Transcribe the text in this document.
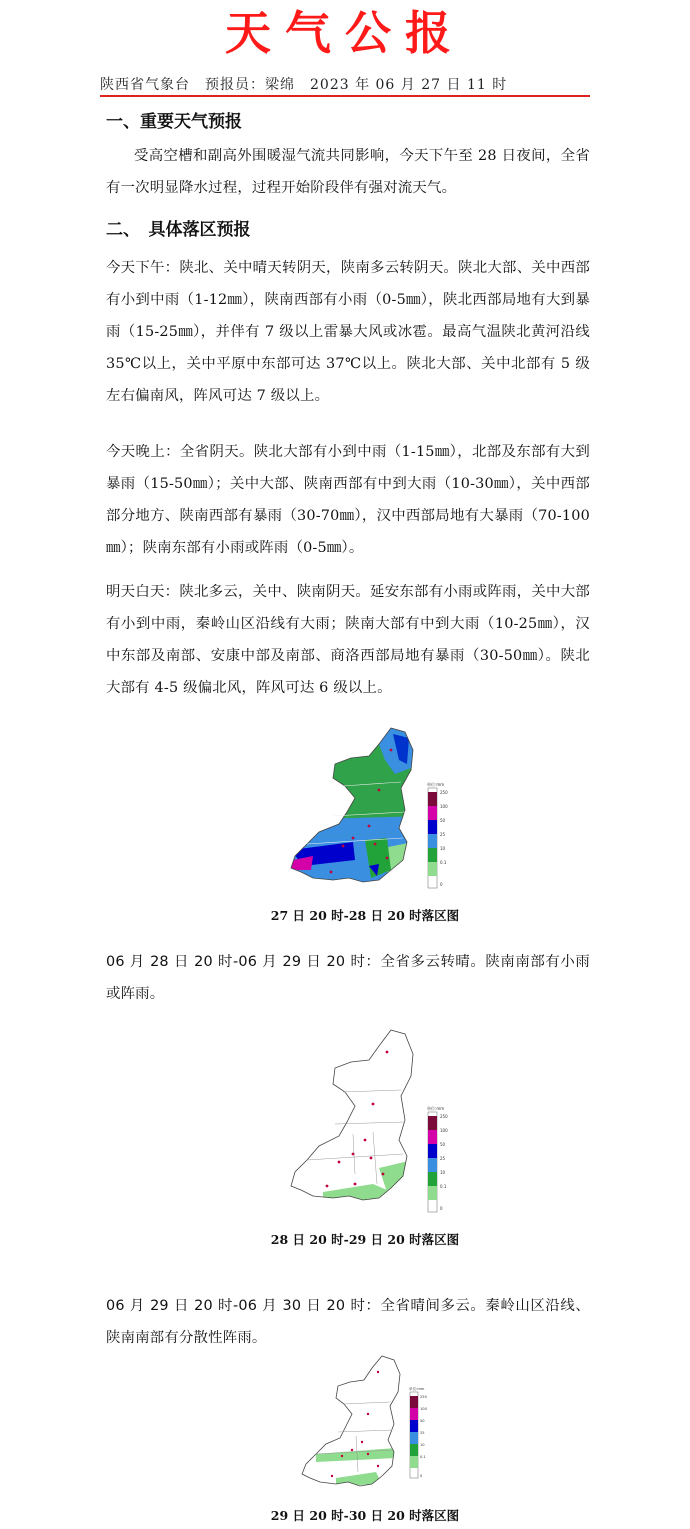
天气公报
陕西省气象台　预报员：梁绵　2023 年 06 月 27 日 11 时
一、重要天气预报
受高空槽和副高外围暖湿气流共同影响，今天下午至 28 日夜间，全省有一次明显降水过程，过程开始阶段伴有强对流天气。
二、　具体落区预报
今天下午：陕北、关中晴天转阴天，陕南多云转阴天。陕北大部、关中西部有小到中雨（1-12㎜），陕南西部有小雨（0-5㎜），陕北西部局地有大到暴雨（15-25㎜），并伴有 7 级以上雷暴大风或冰雹。最高气温陕北黄河沿线 35℃以上，关中平原中东部可达 37℃以上。陕北大部、关中北部有 5 级左右偏南风，阵风可达 7 级以上。
今天晚上：全省阴天。陕北大部有小到中雨（1-15㎜），北部及东部有大到暴雨（15-50㎜）；关中大部、陕南西部有中到大雨（10-30㎜），关中西部部分地方、陕南西部有暴雨（30-70㎜），汉中西部局地有大暴雨（70-100㎜）；陕南东部有小雨或阵雨（0-5㎜）。
明天白天：陕北多云，关中、陕南阴天。延安东部有小雨或阵雨，关中大部有小到中雨，秦岭山区沿线有大雨；陕南大部有中到大雨（10-25㎜），汉中东部及南部、安康中部及南部、商洛西部局地有暴雨（30-50㎜）。陕北大部有 4-5 级偏北风，阵风可达 6 级以上。
单位:mm
250
100
50
25
10
0.1
0
27 日 20 时-28 日 20 时落区图
06 月 28 日 20 时-06 月 29 日 20 时：全省多云转晴。陕南南部有小雨或阵雨。
单位:mm
250
100
50
25
10
0.1
0
28 日 20 时-29 日 20 时落区图
06 月 29 日 20 时-06 月 30 日 20 时：全省晴间多云。秦岭山区沿线、陕南南部有分散性阵雨。
单位:mm
250
100
50
25
10
0.1
0
29 日 20 时-30 日 20 时落区图
